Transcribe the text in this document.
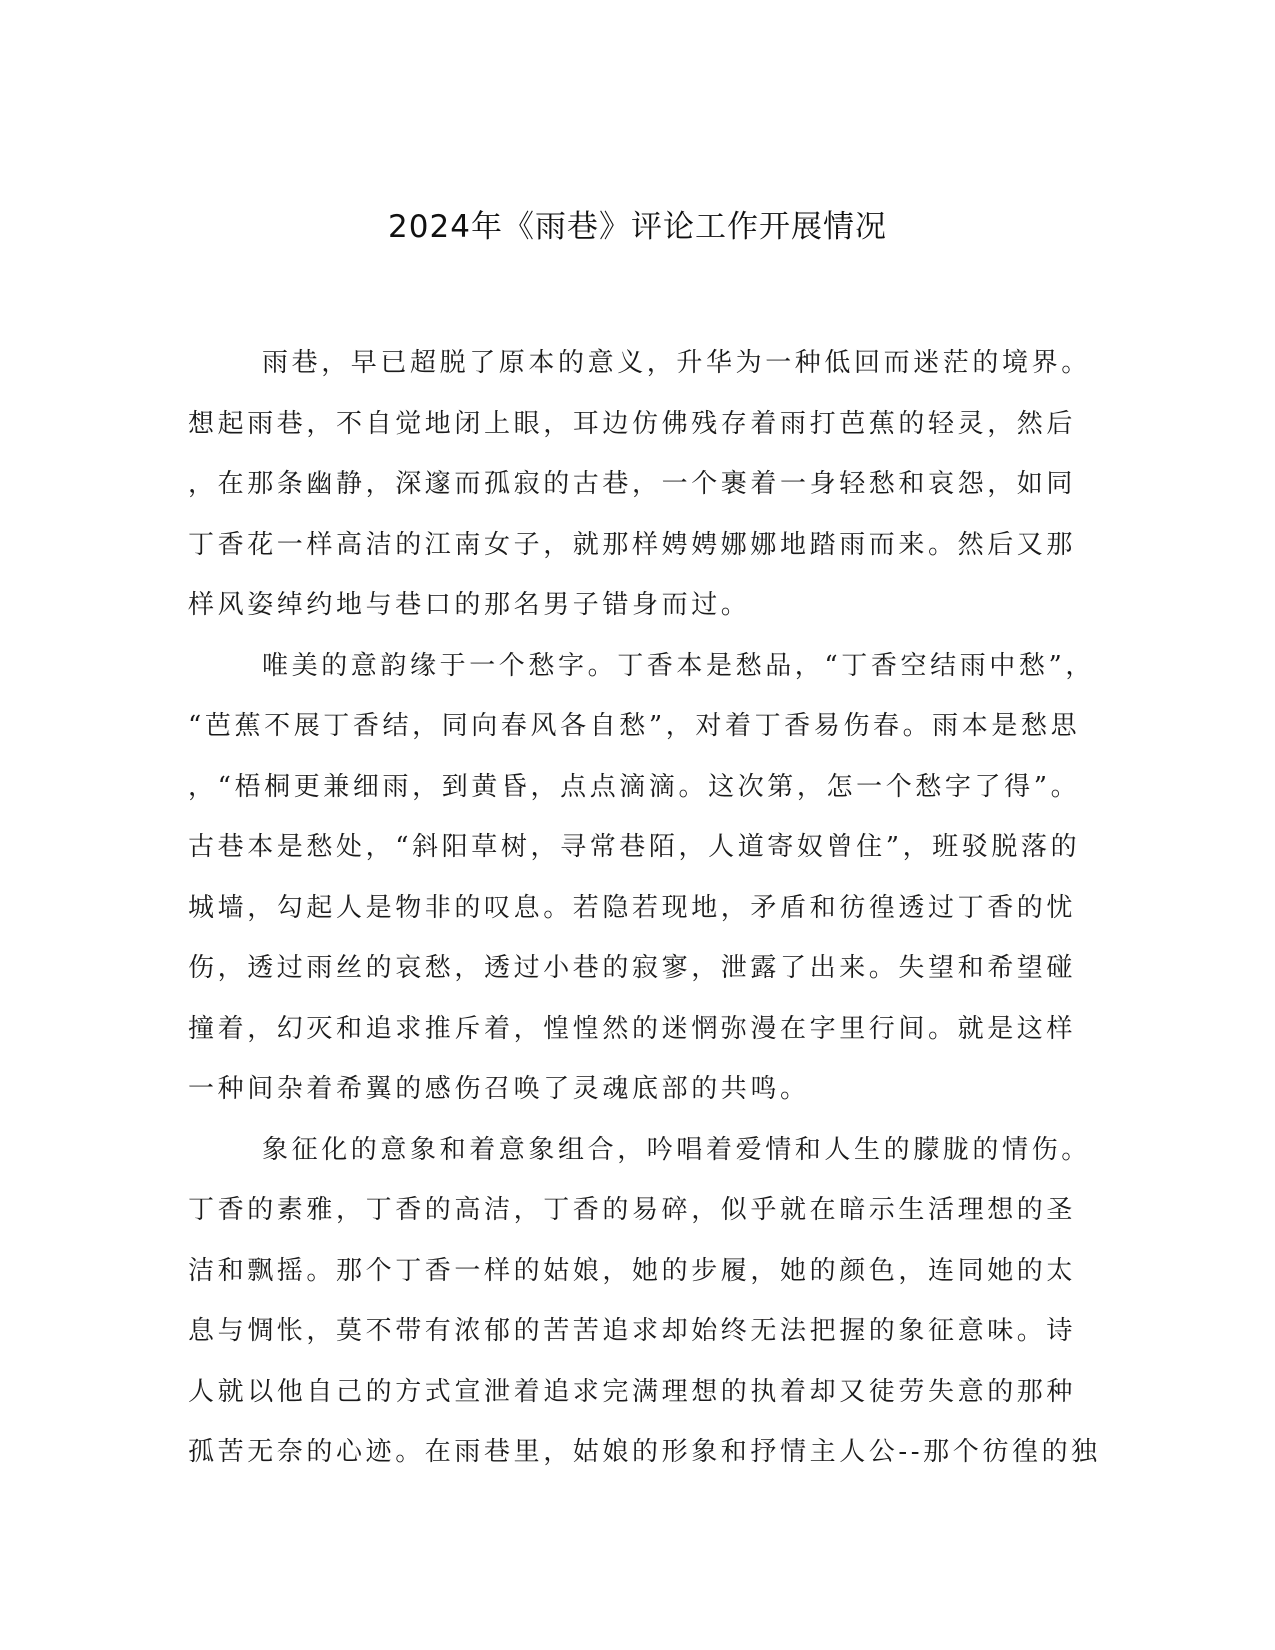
2024年《雨巷》评论工作开展情况
雨巷，早已超脱了原本的意义，升华为一种低回而迷茫的境界。
想起雨巷，不自觉地闭上眼，耳边仿佛残存着雨打芭蕉的轻灵，然后
，在那条幽静，深邃而孤寂的古巷，一个裹着一身轻愁和哀怨，如同
丁香花一样高洁的江南女子，就那样娉娉娜娜地踏雨而来。然后又那
样风姿绰约地与巷口的那名男子错身而过。
唯美的意韵缘于一个愁字。丁香本是愁品，“丁香空结雨中愁”，
“芭蕉不展丁香结，同向春风各自愁”，对着丁香易伤春。雨本是愁思
，“梧桐更兼细雨，到黄昏，点点滴滴。这次第，怎一个愁字了得”。
古巷本是愁处，“斜阳草树，寻常巷陌，人道寄奴曾住”，班驳脱落的
城墙，勾起人是物非的叹息。若隐若现地，矛盾和彷徨透过丁香的忧
伤，透过雨丝的哀愁，透过小巷的寂寥，泄露了出来。失望和希望碰
撞着，幻灭和追求推斥着，惶惶然的迷惘弥漫在字里行间。就是这样
一种间杂着希翼的感伤召唤了灵魂底部的共鸣。
象征化的意象和着意象组合，吟唱着爱情和人生的朦胧的情伤。
丁香的素雅，丁香的高洁，丁香的易碎，似乎就在暗示生活理想的圣
洁和飘摇。那个丁香一样的姑娘，她的步履，她的颜色，连同她的太
息与惆怅，莫不带有浓郁的苦苦追求却始终无法把握的象征意味。诗
人就以他自己的方式宣泄着追求完满理想的执着却又徒劳失意的那种
孤苦无奈的心迹。在雨巷里，姑娘的形象和抒情主人公--那个彷徨的独
